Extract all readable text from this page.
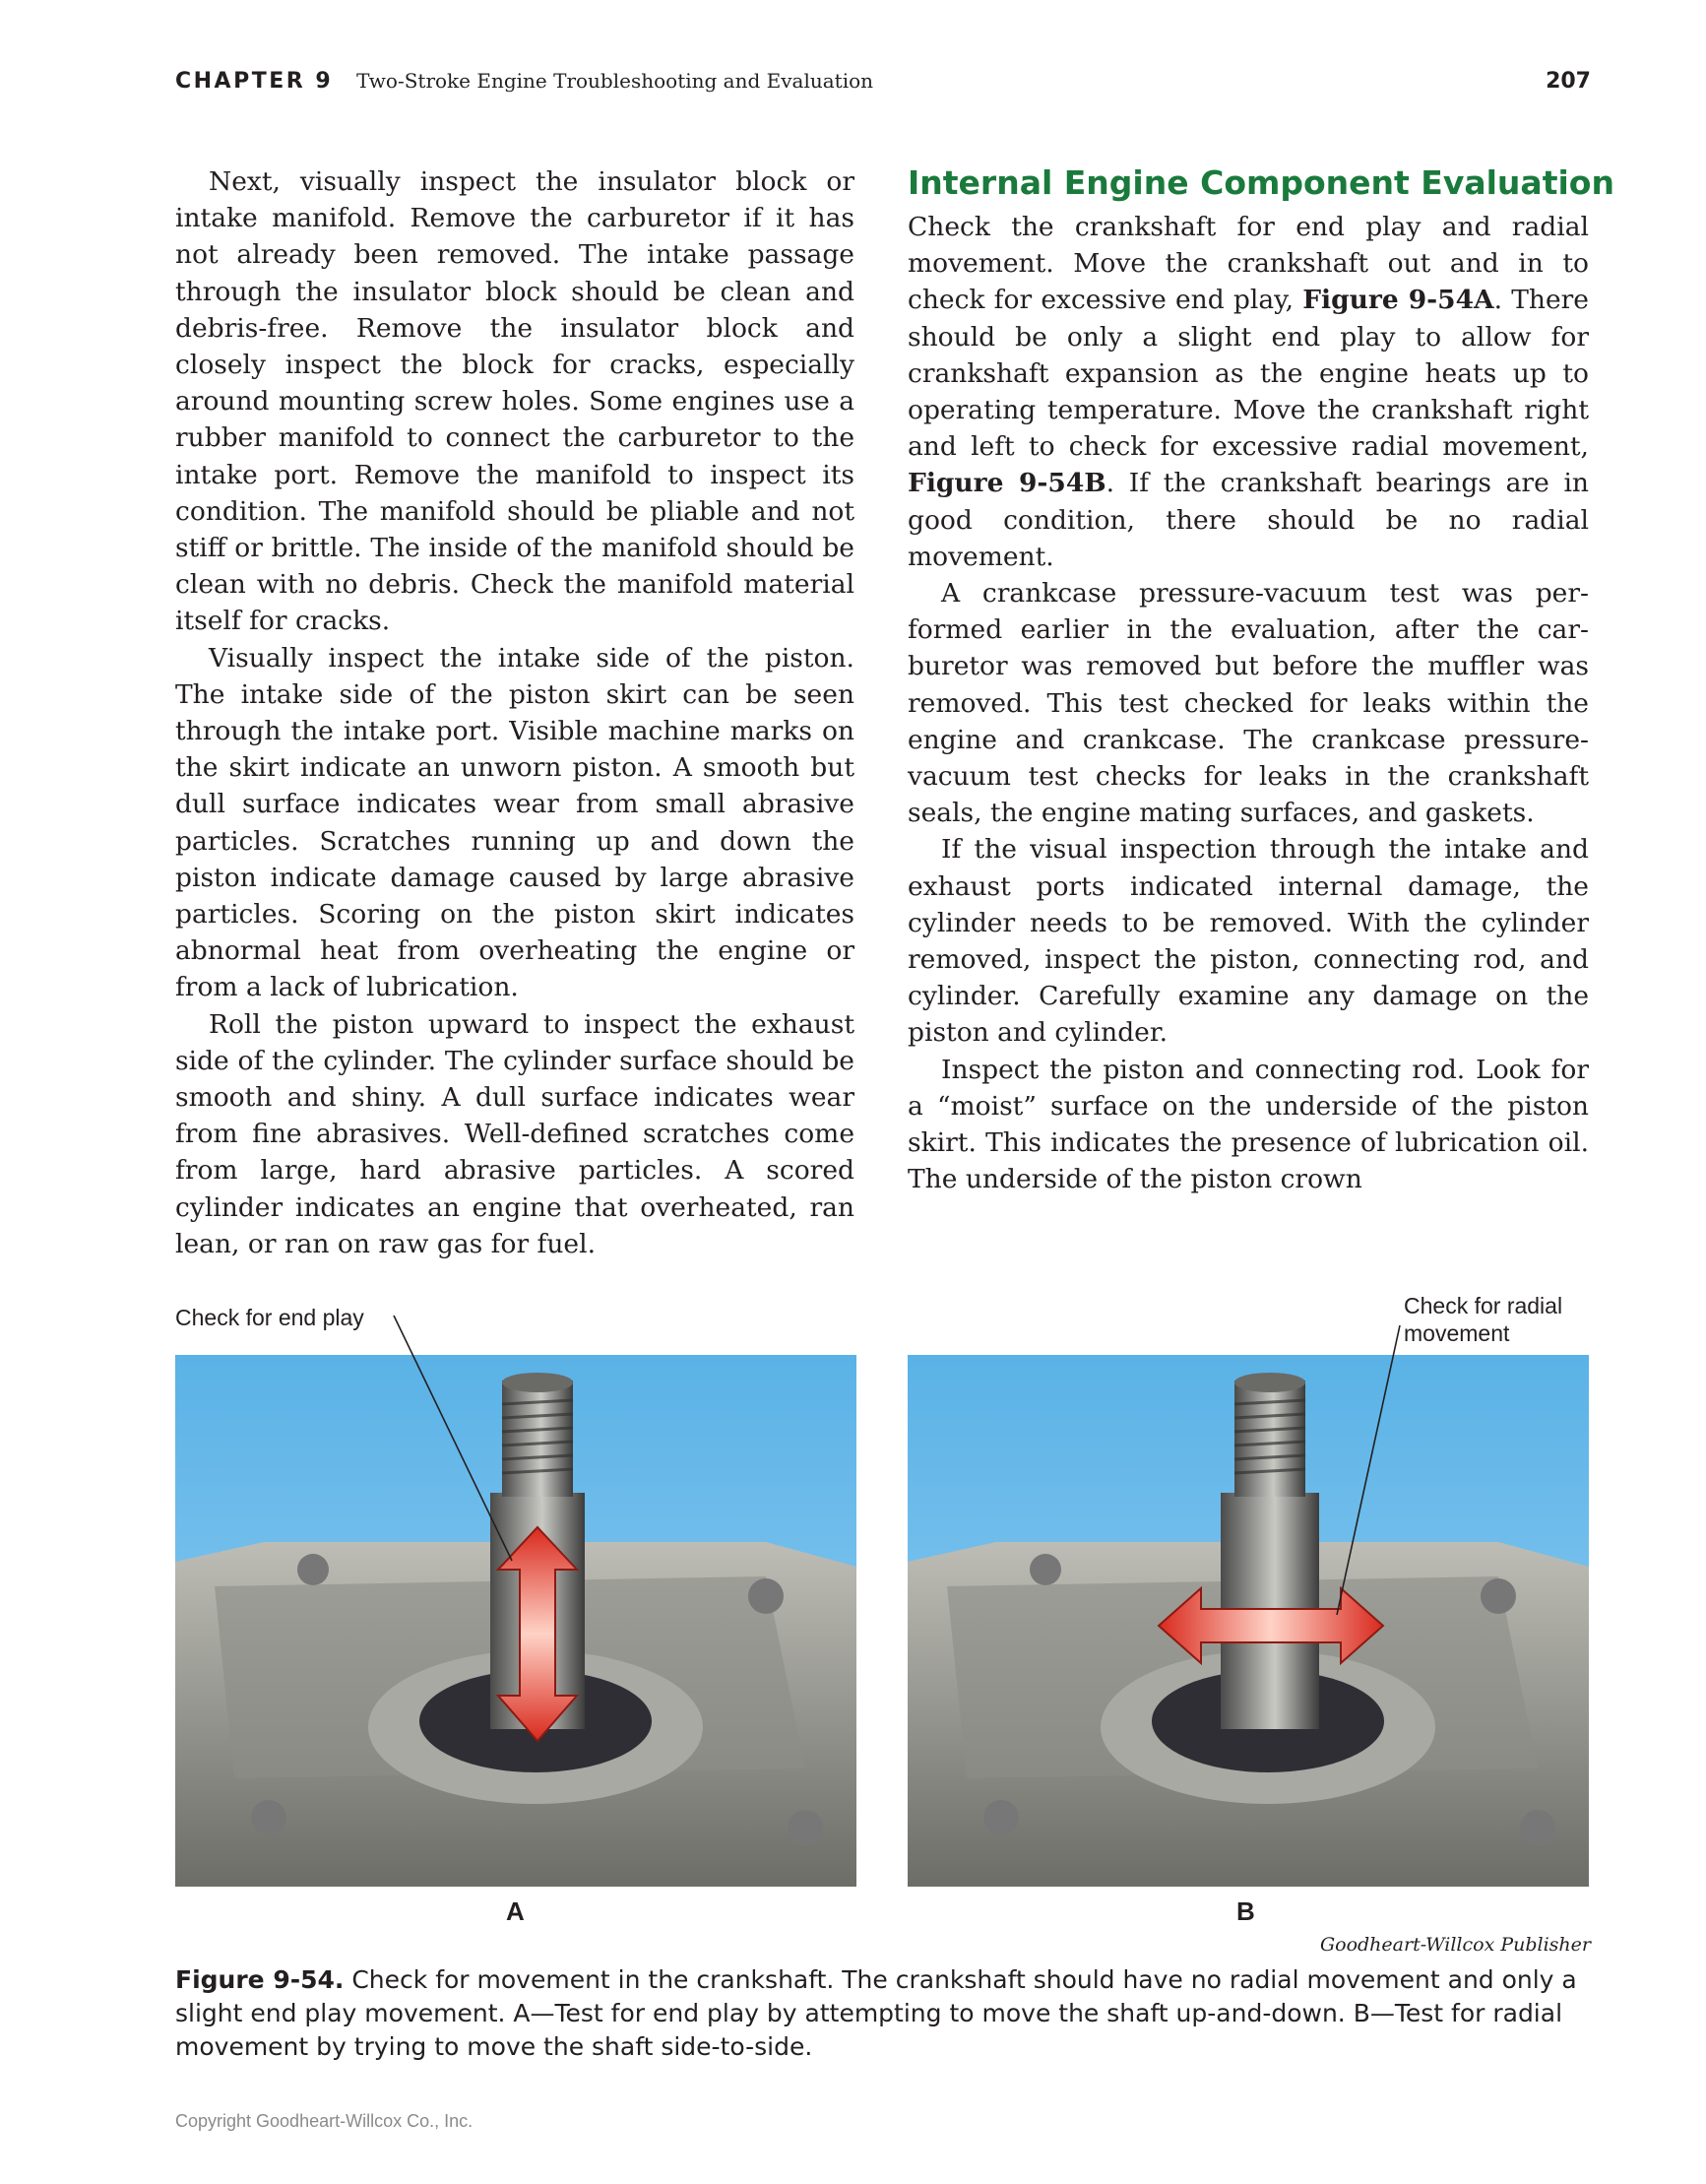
CHAPTER 9 Two-Stroke Engine Troubleshooting and Evaluation	207

Next, visually inspect the insulator block or intake manifold. Remove the carburetor if it has not already been removed. The intake passage through the insulator block should be clean and debris-free. Remove the insulator block and closely inspect the block for cracks, especially around mounting screw holes. Some engines use a rubber manifold to connect the carburetor to the intake port. Remove the manifold to inspect its condition. The manifold should be pliable and not stiff or brittle. The inside of the manifold should be clean with no debris. Check the manifold material itself for cracks.

Visually inspect the intake side of the piston. The intake side of the piston skirt can be seen through the intake port. Visible machine marks on the skirt indicate an unworn piston. A smooth but dull surface indicates wear from small abrasive particles. Scratches running up and down the piston indicate damage caused by large abrasive particles. Scoring on the piston skirt indicates abnormal heat from overheating the engine or from a lack of lubrication.

Roll the piston upward to inspect the exhaust side of the cylinder. The cylinder surface should be smooth and shiny. A dull surface indicates wear from fine abrasives. Well-defined scratches come from large, hard abrasive particles. A scored cylinder indicates an engine that overheated, ran lean, or ran on raw gas for fuel.

Internal Engine Component Evaluation

Check the crankshaft for end play and radial movement. Move the crankshaft out and in to check for excessive end play, Figure 9-54A. There should be only a slight end play to allow for crankshaft expansion as the engine heats up to operating temperature. Move the crankshaft right and left to check for excessive radial movement, Figure 9-54B. If the crankshaft bearings are in good condition, there should be no radial movement.

A crankcase pressure-vacuum test was performed earlier in the evaluation, after the carburetor was removed but before the muffler was removed. This test checked for leaks within the engine and crankcase. The crankcase pressure-vacuum test checks for leaks in the crankshaft seals, the engine mating surfaces, and gaskets.

If the visual inspection through the intake and exhaust ports indicated internal damage, the cylinder needs to be removed. With the cylinder removed, inspect the piston, connecting rod, and cylinder. Carefully examine any damage on the piston and cylinder.

Inspect the piston and connecting rod. Look for a “moist” surface on the underside of the piston skirt. This indicates the presence of lubrication oil. The underside of the piston crown

Check for end play	Check for radial
movement
A	B
Goodheart-Willcox Publisher
Figure 9-54. Check for movement in the crankshaft. The crankshaft should have no radial movement and only a slight end play movement. A—Test for end play by attempting to move the shaft up-and-down. B—Test for radial movement by trying to move the shaft side-to-side.
Copyright Goodheart-Willcox Co., Inc.
